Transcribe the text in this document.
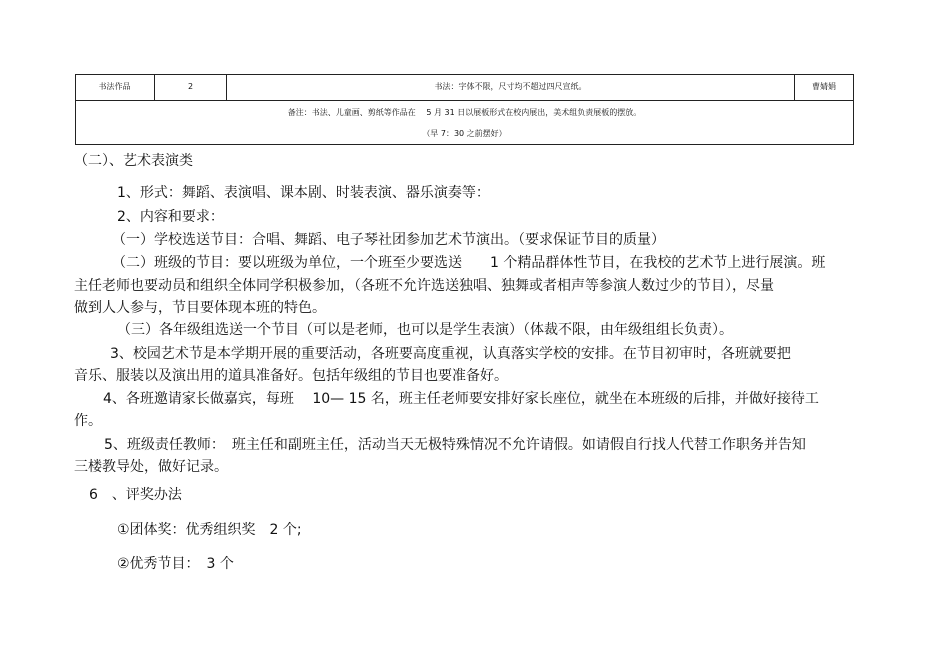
书法作品	2	书法：字体不限，尺寸均不超过四尺宣纸。	曹婧娟
备注：书法、儿童画、剪纸等作品在　 5 月 31 日以展板形式在校内展出，美术组负责展板的摆放。
（早 7：30 之前摆好）
（二）、艺术表演类
1、形式：舞蹈、表演唱、课本剧、时装表演、器乐演奏等：
2、内容和要求：
（一）学校选送节目：合唱、舞蹈、电子琴社团参加艺术节演出。（要求保证节目的质量）
（二）班级的节目：要以班级为单位，一个班至少要选送　　1 个精品群体性节目，在我校的艺术节上进行展演。班
主任老师也要动员和组织全体同学积极参加，（各班不允许选送独唱、独舞或者相声等参演人数过少的节目），尽量
做到人人参与，节目要体现本班的特色。
（三）各年级组选送一个节目（可以是老师，也可以是学生表演）（体裁不限，由年级组组长负责）。
3、校园艺术节是本学期开展的重要活动，各班要高度重视，认真落实学校的安排。在节目初审时，各班就要把
音乐、服装以及演出用的道具准备好。包括年级组的节目也要准备好。
4、各班邀请家长做嘉宾，每班　 10— 15 名，班主任老师要安排好家长座位，就坐在本班级的后排，并做好接待工
作。
5、班级责任教师：　班主任和副班主任，活动当天无极特殊情况不允许请假。如请假自行找人代替工作职务并告知
三楼教导处，做好记录。
6　、评奖办法
①团体奖：优秀组织奖　2 个;
②优秀节目：　3 个
